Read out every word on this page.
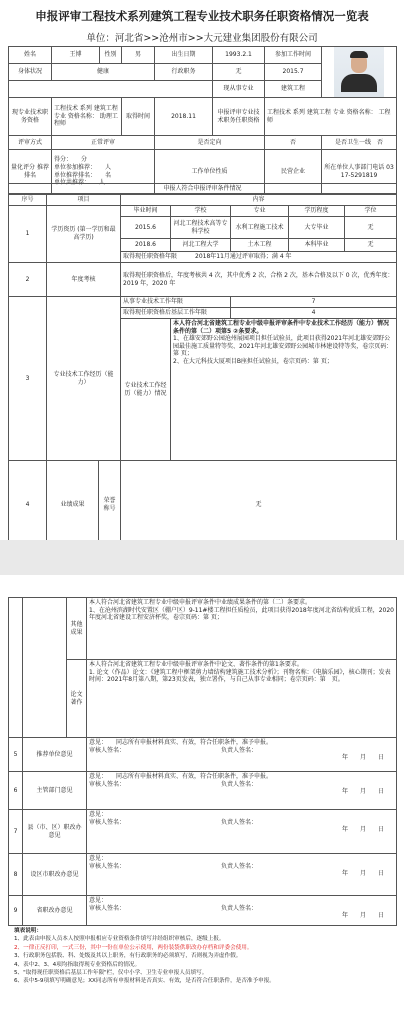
申报评审工程技术系列建筑工程专业技术职务任职资格情况一览表
单位：河北省>>沧州市>>大元建业集团股份有限公司
姓名	王博	性别	男	出生日期	1993.2.1	参加工作时间	

身体状况	健康			行政职务	无	2015.7	
					现从事专业	建筑工程	
现专业技术职务资格	工程技术 系列 建筑工程 专业 资格名称： 助理工程师		取得时间	2018.11	申报评审专业技术职务任职资格	工程技术 系列 建筑工程 专业 资格名称： 工程师	
评审方式	正常评审			是否定向		否	是否卫生一线　 否
量化评分 推荐排名	得分：　　分
单位参加推荐：　　人
单位推荐排名：　　名
单位共推荐：　　人			工作单位性质		民营企业	所在单位人事部门电话 0317-5291819
申报人符合申报评审条件情况							
序号	项目		内容				
1	学历资历 (第一学历和最高学历)		毕业时间	学校	专业	学历程度	学位
			2015.6	河北工程技术高等专科学校	水利工程施工技术	大专毕业	无
			2018.6	河北工程大学	土木工程	本科毕业	无
			取得现任职资格年限　　　2018年11月通过评审取得；满 4 年				
2	年度考核		取得现任职资格后，年度考核共 4 次，其中优秀 2 次，合格 2 次，基本合格及以下 0 次，优秀年度：2019 年，2020 年				
3	专业技术工作经历（能力）		从事专业技术工作年限		7		
			取得现任职资格后基层工作年限		4		
			专业技术工作经历（能力）情况	本人符合河北省建筑工程专业中级申报评审条件中专业技术工作经历（能力）情况条件的第（二）项第5 ②条要求。
1、在雄安郊野公园沧州展园项目担任试验员，此项目获得2021年河北雄安郊野公园最佳施工质量特等奖、2021年河北雄安郊野公园城市林建设特等奖，卷宗页码：第 页；
2、在大元科技大厦项目B座担任试验员，卷宗页码：第 页；			

4	业绩成果	荣誉称号	无				
		其他成果	本人符合河北省建筑工程专业中级申报评审条件中业绩成果条件的第（二）条要求。
1、在沧州滨湖时代安置区（棚户区）9-11#楼工程担任质检员，此项目获得2018年度河北省结构优质工程，2020年度河北省建设工程安济杯奖，卷宗页码：第 页；

		论文著作	本人符合河北省建筑工程专业中级申报评审条件中论文、著作条件的第1条要求。
1. 论文（作品）论文：《建筑工程中框架剪力墙结构建筑施工技术分析》；刊物名称：《电脑乐园》，核心期刊；发表时间：2021年8月第八期，第23页发表，独立署作，与自己从事专业相同；卷宗页码：第　页。

5	推荐单位意见		意见：　　同志所有申报材料真实、有效，符合任职条件，准予申报。
审核人签名： 负责人签名：
年　　月　　日

6	主管部门意见		意见：　　同志所有申报材料真实、有效，符合任职条件，准予申报。
审核人签名： 负责人签名：
年　　月　　日

7	县（市、区）职改办意见		意见：
审核人签名： 负责人签名：
年　　月　　日

8	设区市职改办意见		意见：
审核人签名： 负责人签名：
年　　月　　日

9	省职改办意见		意见：
审核人签名： 负责人签名：
年　　月　　日
填表说明：
1、此表由申报人员本人按照申报相应专业资格条件填写并经组织审核后，逐级上报。
2、一律正反打印，一式三份，其中一份在单位公示使用，两份装袋供职改办存档和评委会使用。
3、行政职务包括股、科、处级及其以上职务，有行政职务的必须填写，否则视为弄虚作假。
4、表中2、3、4项均指取得现专业资格后的情况。
5、"取得现任职资格后基层工作年限"栏，仅中小学、卫生专业申报人员填写。
6、表中5-9项填写明确意见；XX同志所有申报材料是否真实、有效，是否符合任职条件，是否准予申报。
